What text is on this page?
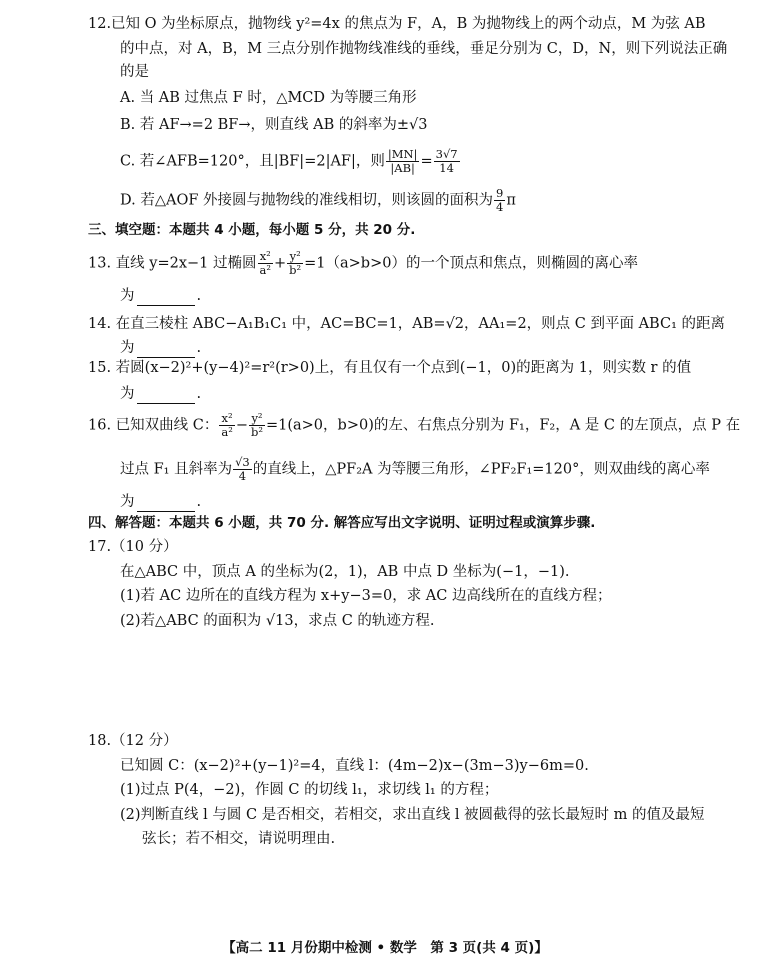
12.已知 O 为坐标原点，抛物线 y²=4x 的焦点为 F，A，B 为抛物线上的两个动点，M 为弦 AB
的中点，对 A，B，M 三点分别作抛物线准线的垂线，垂足分别为 C，D，N，则下列说法正确
的是
A. 当 AB 过焦点 F 时，△MCD 为等腰三角形
B. 若 AF→=2 BF→，则直线 AB 的斜率为±√3
C. 若∠AFB=120°，且|BF|=2|AF|，则 $\frac{|MN|}{|AB|} = \frac{3√7}{14}$
D. 若△AOF 外接圆与抛物线的准线相切，则该圆的面积为 $\frac{9}{4}$ π
三、填空题：本题共 4 小题，每小题 5 分，共 20 分.
13. 直线 y=2x−1 过椭圆 $\frac{\text{x²}}{\text{a²}} + \frac{\text{y²}}{\text{b²}} =1(a>b>0)$的一个顶点和焦点，则椭圆的离心率
为	.
14. 在直三棱柱 ABC−A₁B₁C₁ 中，AC=BC=1，AB=√2，AA₁=2，则点 C 到平面 ABC₁ 的距离
为	.
15. 若圆(x−2)²+(y−4)²=r²(r>0)上，有且仅有一个点到(−1，0)的距离为 1，则实数 r 的值
为	.
16. 已知双曲线 C： $\frac{\text{x²}}{\text{a²}} - \frac{\text{y²}}{\text{b²}} =1(a>0$，b>0)的左、右焦点分别为 F₁，F₂，A 是 C 的左顶点，点 P 在
过点 F₁ 且斜率为 $\frac{√3}{4}$ 的直线上，△PF₂A 为等腰三角形，∠PF₂F₁=120°，则双曲线的离心率
为	.
四、解答题：本题共 6 小题，共 70 分. 解答应写出文字说明、证明过程或演算步骤.
17.（10 分）
在△ABC 中，顶点 A 的坐标为(2，1)，AB 中点 D 坐标为(−1，−1).
(1)若 AC 边所在的直线方程为 x+y−3=0，求 AC 边高线所在的直线方程；
(2)若△ABC 的面积为 √13，求点 C 的轨迹方程.
18.（12 分）
已知圆 C：(x−2)²+(y−1)²=4，直线 l：(4m−2)x−(3m−3)y−6m=0.
(1)过点 P(4，−2)，作圆 C 的切线 l₁，求切线 l₁ 的方程；
(2)判断直线 l 与圆 C 是否相交，若相交，求出直线 l 被圆截得的弦长最短时 m 的值及最短
弦长；若不相交，请说明理由.
【高二 11 月份期中检测 • 数学　第 3 页(共 4 页)】
